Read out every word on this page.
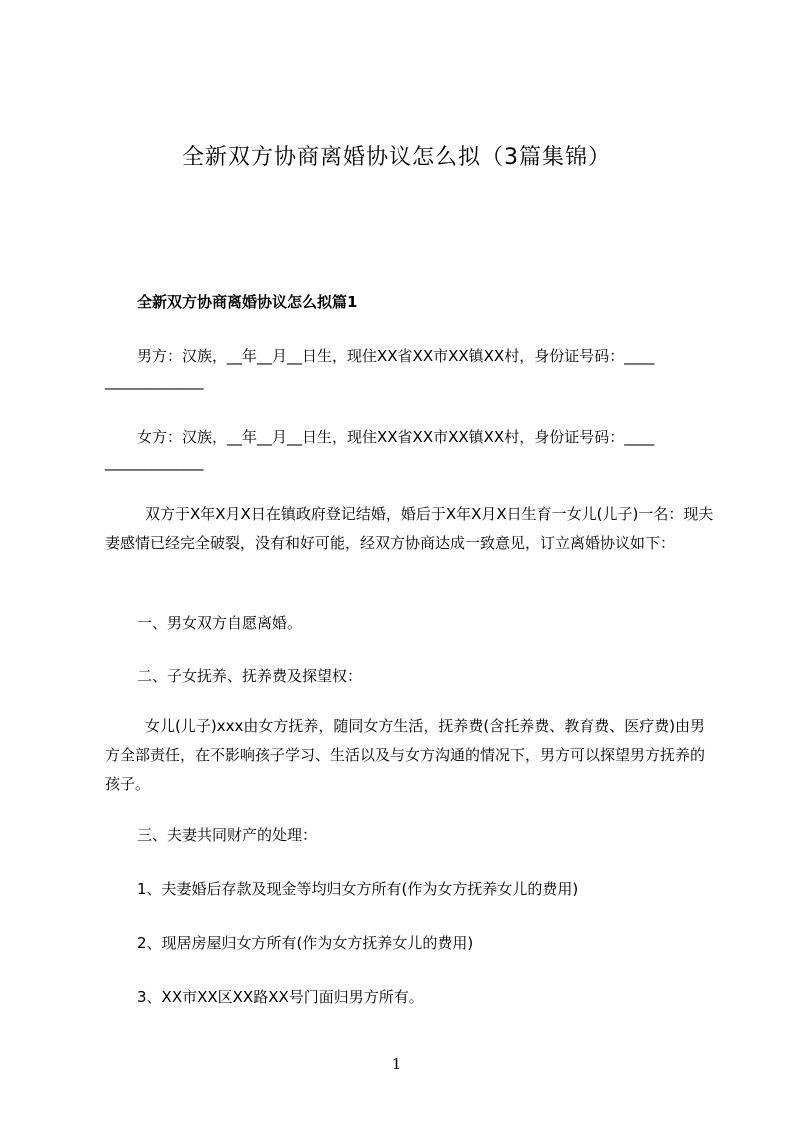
全新双方协商离婚协议怎么拟（3篇集锦）
全新双方协商离婚协议怎么拟篇1
男方：汉族，__年__月__日生，现住XX省XX市XX镇XX村，身份证号码：____
_______________
女方：汉族，__年__月__日生，现住XX省XX市XX镇XX村，身份证号码：____
_______________
双方于X年X月X日在镇政府登记结婚，婚后于X年X月X日生育一女儿(儿子)一名：现夫妻感情已经完全破裂，没有和好可能，经双方协商达成一致意见，订立离婚协议如下：
一、男女双方自愿离婚。
二、子女抚养、抚养费及探望权：
女儿(儿子)xxx由女方抚养，随同女方生活，抚养费(含托养费、教育费、医疗费)由男方全部责任，在不影响孩子学习、生活以及与女方沟通的情况下，男方可以探望男方抚养的孩子。
三、夫妻共同财产的处理：
1、夫妻婚后存款及现金等均归女方所有(作为女方抚养女儿的费用)
2、现居房屋归女方所有(作为女方抚养女儿的费用)
3、XX市XX区XX路XX号门面归男方所有。
1
